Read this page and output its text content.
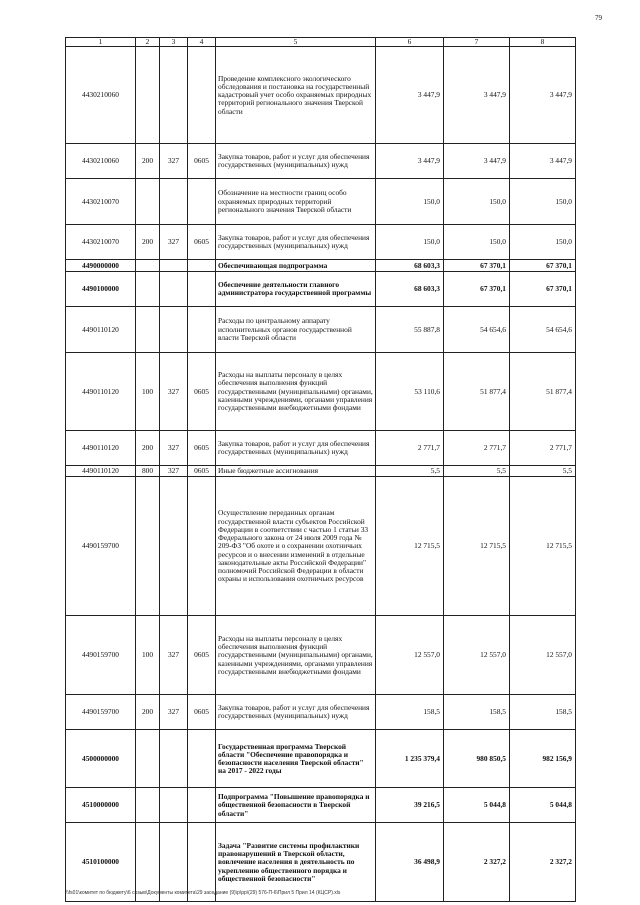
79
1	2	3	4	5	6	7	8
4430210060				Проведение комплексного экологического обследования и постановка на государственный кадастровый учет особо охраняемых природных территорий регионального значения Тверской области	3 447,9	3 447,9	3 447,9
4430210060	200	327	0605	Закупка товаров, работ и услуг для обеспечения государственных (муниципальных) нужд	3 447,9	3 447,9	3 447,9
4430210070				Обозначение на местности границ особо охраняемых природных территорий регионального значения Тверской области	150,0	150,0	150,0
4430210070	200	327	0605	Закупка товаров, работ и услуг для обеспечения государственных (муниципальных) нужд	150,0	150,0	150,0
4490000000				Обеспечивающая подпрограмма	68 603,3	67 370,1	67 370,1
4490100000				Обеспечение деятельности главного администратора государственной программы	68 603,3	67 370,1	67 370,1
4490110120				Расходы по центральному аппарату исполнительных органов государственной власти Тверской области	55 887,8	54 654,6	54 654,6
4490110120	100	327	0605	Расходы на выплаты персоналу в целях обеспечения выполнения функций государственными (муниципальными) органами, казенными учреждениями, органами управления государственными внебюджетными фондами	53 110,6	51 877,4	51 877,4
4490110120	200	327	0605	Закупка товаров, работ и услуг для обеспечения государственных (муниципальных) нужд	2 771,7	2 771,7	2 771,7
4490110120	800	327	0605	Иные бюджетные ассигнования	5,5	5,5	5,5
4490159700				Осуществление переданных органам государственной власти субъектов Российской Федерации в соответствии с частью 1 статьи 33 Федерального закона от 24 июля 2009 года № 209-ФЗ "Об охоте и о сохранении охотничьих ресурсов и о внесении изменений в отдельные законодательные акты Российской Федерации" полномочий Российской Федерации в области охраны и использования охотничьих ресурсов	12 715,5	12 715,5	12 715,5
4490159700	100	327	0605	Расходы на выплаты персоналу в целях обеспечения выполнения функций государственными (муниципальными) органами, казенными учреждениями, органами управления государственными внебюджетными фондами	12 557,0	12 557,0	12 557,0
4490159700	200	327	0605	Закупка товаров, работ и услуг для обеспечения государственных (муниципальных) нужд	158,5	158,5	158,5
4500000000				Государственная программа Тверской области "Обеспечение правопорядка и безопасности населения Тверской области" на 2017 - 2022 годы	1 235 379,4	980 850,5	982 156,9
4510000000				Подпрограмма "Повышение правопорядка и общественной безопасности в Тверской области"	39 216,5	5 044,8	5 044,8
4510100000				Задача "Развитие системы профилактики правонарушений в Тверской области, вовлечение населения в деятельность по укреплению общественного порядка и общественной безопасности"	36 498,9	2 327,2	2 327,2
\\fs01\комитет по бюджету\6 созыв\Документы комитета\29 заседание (9)\р\рр\(29) 576-П-6\Прил 5 Прил 14 (КЦСР).xls
